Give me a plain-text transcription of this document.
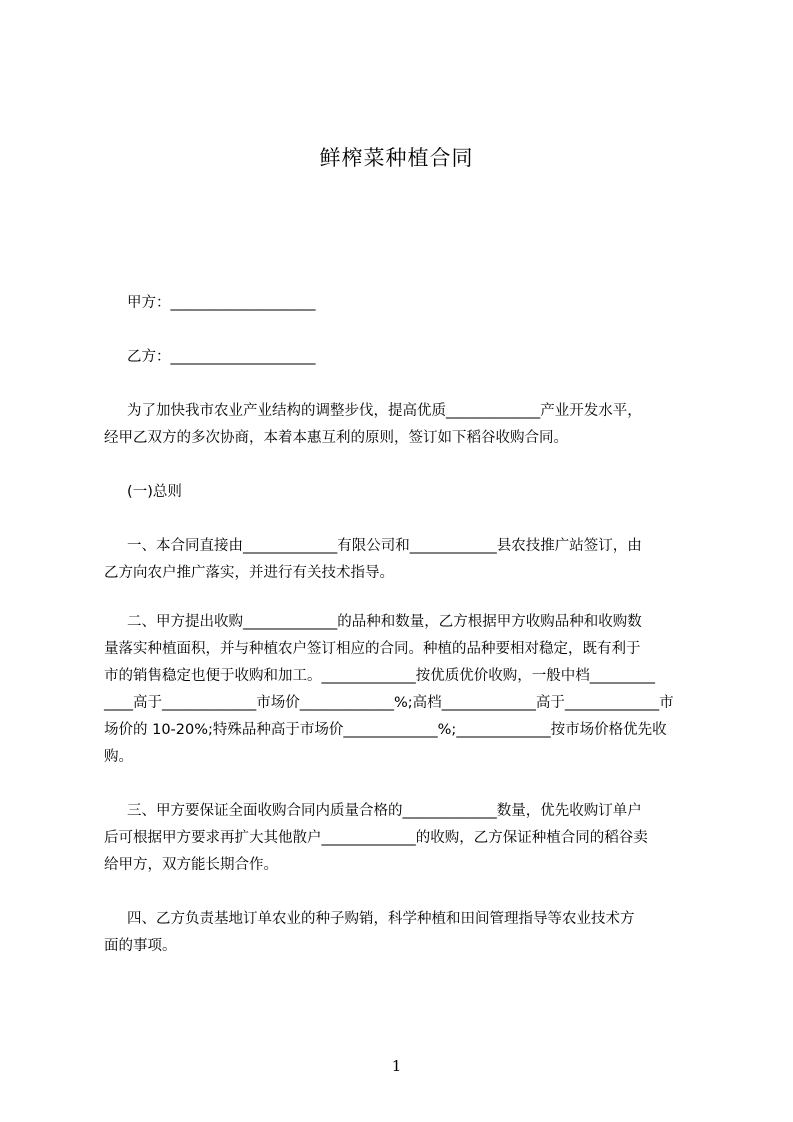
鲜榨菜种植合同
甲方：____________________
乙方：____________________
为了加快我市农业产业结构的调整步伐，提高优质_____________产业开发水平，
经甲乙双方的多次协商，本着本惠互利的原则，签订如下稻谷收购合同。
(一)总则
一、本合同直接由_____________有限公司和____________县农技推广站签订，由
乙方向农户推广落实，并进行有关技术指导。
二、甲方提出收购_____________的品种和数量，乙方根据甲方收购品种和收购数
量落实种植面积，并与种植农户签订相应的合同。种植的品种要相对稳定，既有利于
市的销售稳定也便于收购和加工。_____________按优质优价收购，一般中档_________
____高于_____________市场价_____________%;高档_____________高于_____________市
场价的 10-20%;特殊品种高于市场价_____________%;_____________按市场价格优先收
购。
三、甲方要保证全面收购合同内质量合格的_____________数量，优先收购订单户
后可根据甲方要求再扩大其他散户_____________的收购，乙方保证种植合同的稻谷卖
给甲方，双方能长期合作。
四、乙方负责基地订单农业的种子购销，科学种植和田间管理指导等农业技术方
面的事项。
1
